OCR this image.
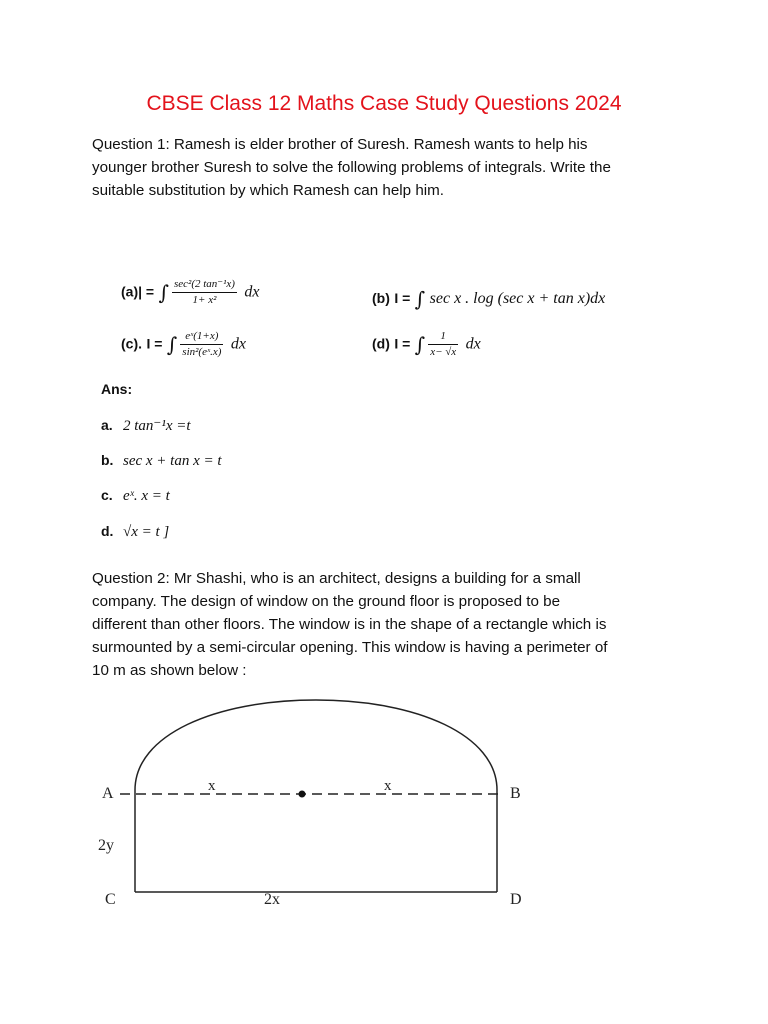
CBSE Class 12 Maths Case Study Questions 2024
Question 1: Ramesh is elder brother of Suresh. Ramesh wants to help his
younger brother Suresh to solve the following problems of integrals. Write the
suitable substitution by which Ramesh can help him.
(a)| = ∫ $\frac{\text{sec²(2 tan⁻¹x)}}{\text{1+ x²}}$ dx	(b) I = ∫ sec x . log (sec x + tan x)dx
(c). I = ∫ $\frac{\text{eˣ(1+x)}}{\text{sin²(eˣ.x)}}$ dx	(d) I = ∫ $\frac{1}{x- √x}$ dx
Ans:
a. 2 tan⁻¹x =t
b. sec x + tan x = t
c. eˣ. x = t
d. √x = t ]
Question 2: Mr Shashi, who is an architect, designs a building for a small
company. The design of window on the ground floor is proposed to be
different than other floors. The window is in the shape of a rectangle which is
surmounted by a semi-circular opening. This window is having a perimeter of
10 m as shown below :
A	B
C	D
x	x
2y
2x
